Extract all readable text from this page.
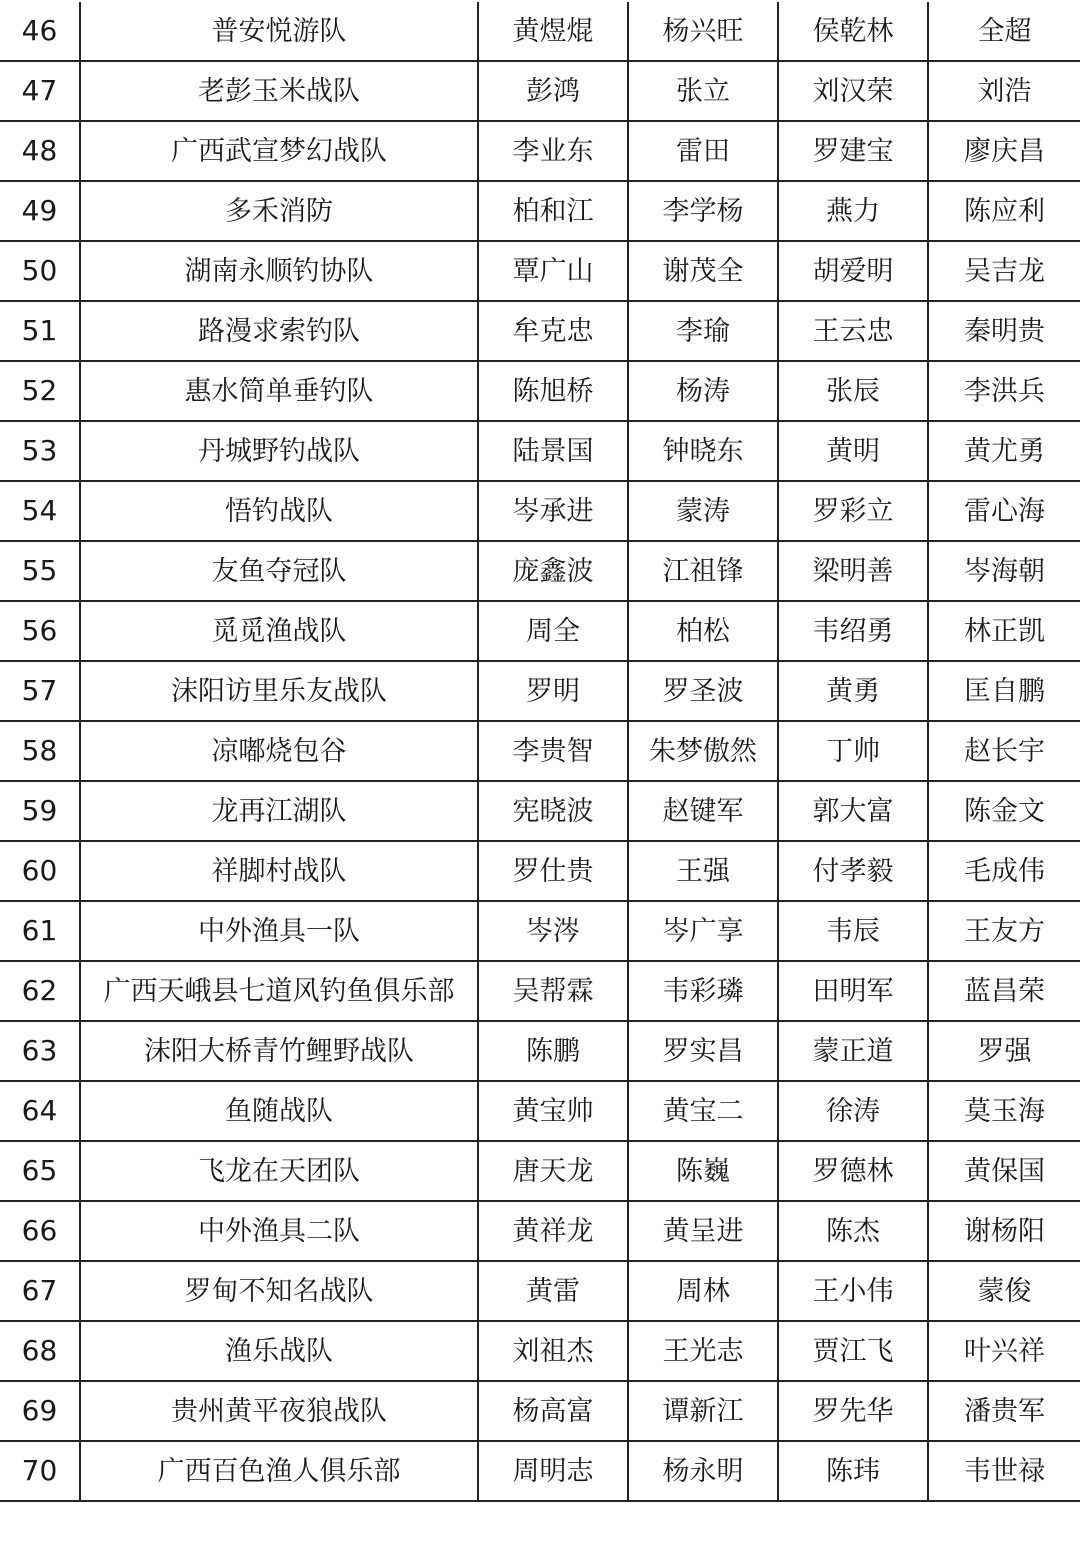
46	普安悦游队	黄煜焜	杨兴旺	侯乾林	全超
47	老彭玉米战队	彭鸿	张立	刘汉荣	刘浩
48	广西武宣梦幻战队	李业东	雷田	罗建宝	廖庆昌
49	多禾消防	柏和江	李学杨	燕力	陈应利
50	湖南永顺钓协队	覃广山	谢茂全	胡爱明	吴吉龙
51	路漫求索钓队	牟克忠	李瑜	王云忠	秦明贵
52	惠水简单垂钓队	陈旭桥	杨涛	张辰	李洪兵
53	丹城野钓战队	陆景国	钟晓东	黄明	黄尤勇
54	悟钓战队	岑承进	蒙涛	罗彩立	雷心海
55	友鱼夺冠队	庞鑫波	江祖锋	梁明善	岑海朝
56	觅觅渔战队	周全	柏松	韦绍勇	林正凯
57	沫阳访里乐友战队	罗明	罗圣波	黄勇	匡自鹏
58	凉嘟烧包谷	李贵智	朱梦傲然	丁帅	赵长宇
59	龙再江湖队	宪晓波	赵键军	郭大富	陈金文
60	祥脚村战队	罗仕贵	王强	付孝毅	毛成伟
61	中外渔具一队	岑涔	岑广享	韦辰	王友方
62	广西天峨县七道风钓鱼俱乐部	吴帮霖	韦彩璘	田明军	蓝昌荣
63	沫阳大桥青竹鲤野战队	陈鹏	罗实昌	蒙正道	罗强
64	鱼随战队	黄宝帅	黄宝二	徐涛	莫玉海
65	飞龙在天团队	唐天龙	陈巍	罗德林	黄保国
66	中外渔具二队	黄祥龙	黄呈进	陈杰	谢杨阳
67	罗甸不知名战队	黄雷	周林	王小伟	蒙俊
68	渔乐战队	刘祖杰	王光志	贾江飞	叶兴祥
69	贵州黄平夜狼战队	杨高富	谭新江	罗先华	潘贵军
70	广西百色渔人俱乐部	周明志	杨永明	陈玮	韦世禄
